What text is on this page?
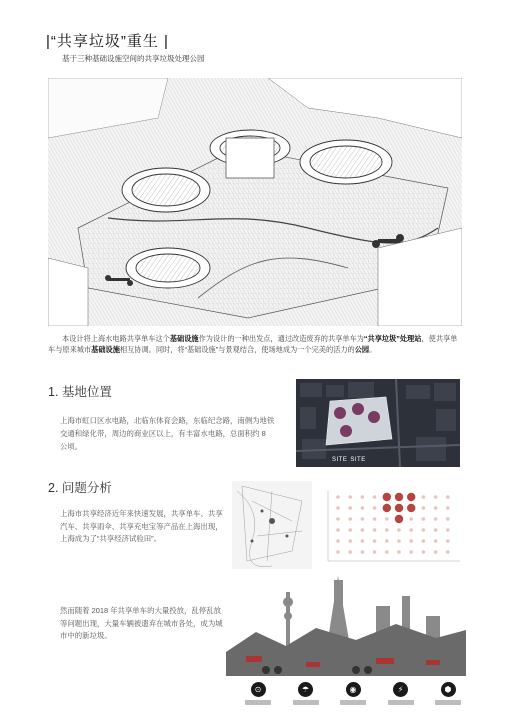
|“共享垃圾”重生 |
基于三种基础设施空间的共享垃圾处理公园
本设计将上海水电路共享单车这个基础设施作为设计的一种出发点，通过改造废弃的共享单车为“共享垃圾”处理站，使共享单车与原来城市基础设施相互协调。同时，将“基础设施”与景观结合，使场地成为一个完美的活力的公园。
1. 基地位置
上海市虹口区水电路，北临东体育会路，东临纪念路，南侧为地铁交通和绿化带，周边的商业区以上，有丰富水电路，总面积约 8 公顷。
SITE SITE
2. 问题分析
上海市共享经济近年来快速发展，共享单车、共享汽车、共享雨伞、共享充电宝等产品在上海出现，上海成为了“共享经济试验田”。
然而随着 2018 年共享单车的大量投放，乱停乱放等问题出现，大量车辆被遗弃在城市各处，成为城市中的新垃圾。
⊙	☂	◉	⚡	⬢
